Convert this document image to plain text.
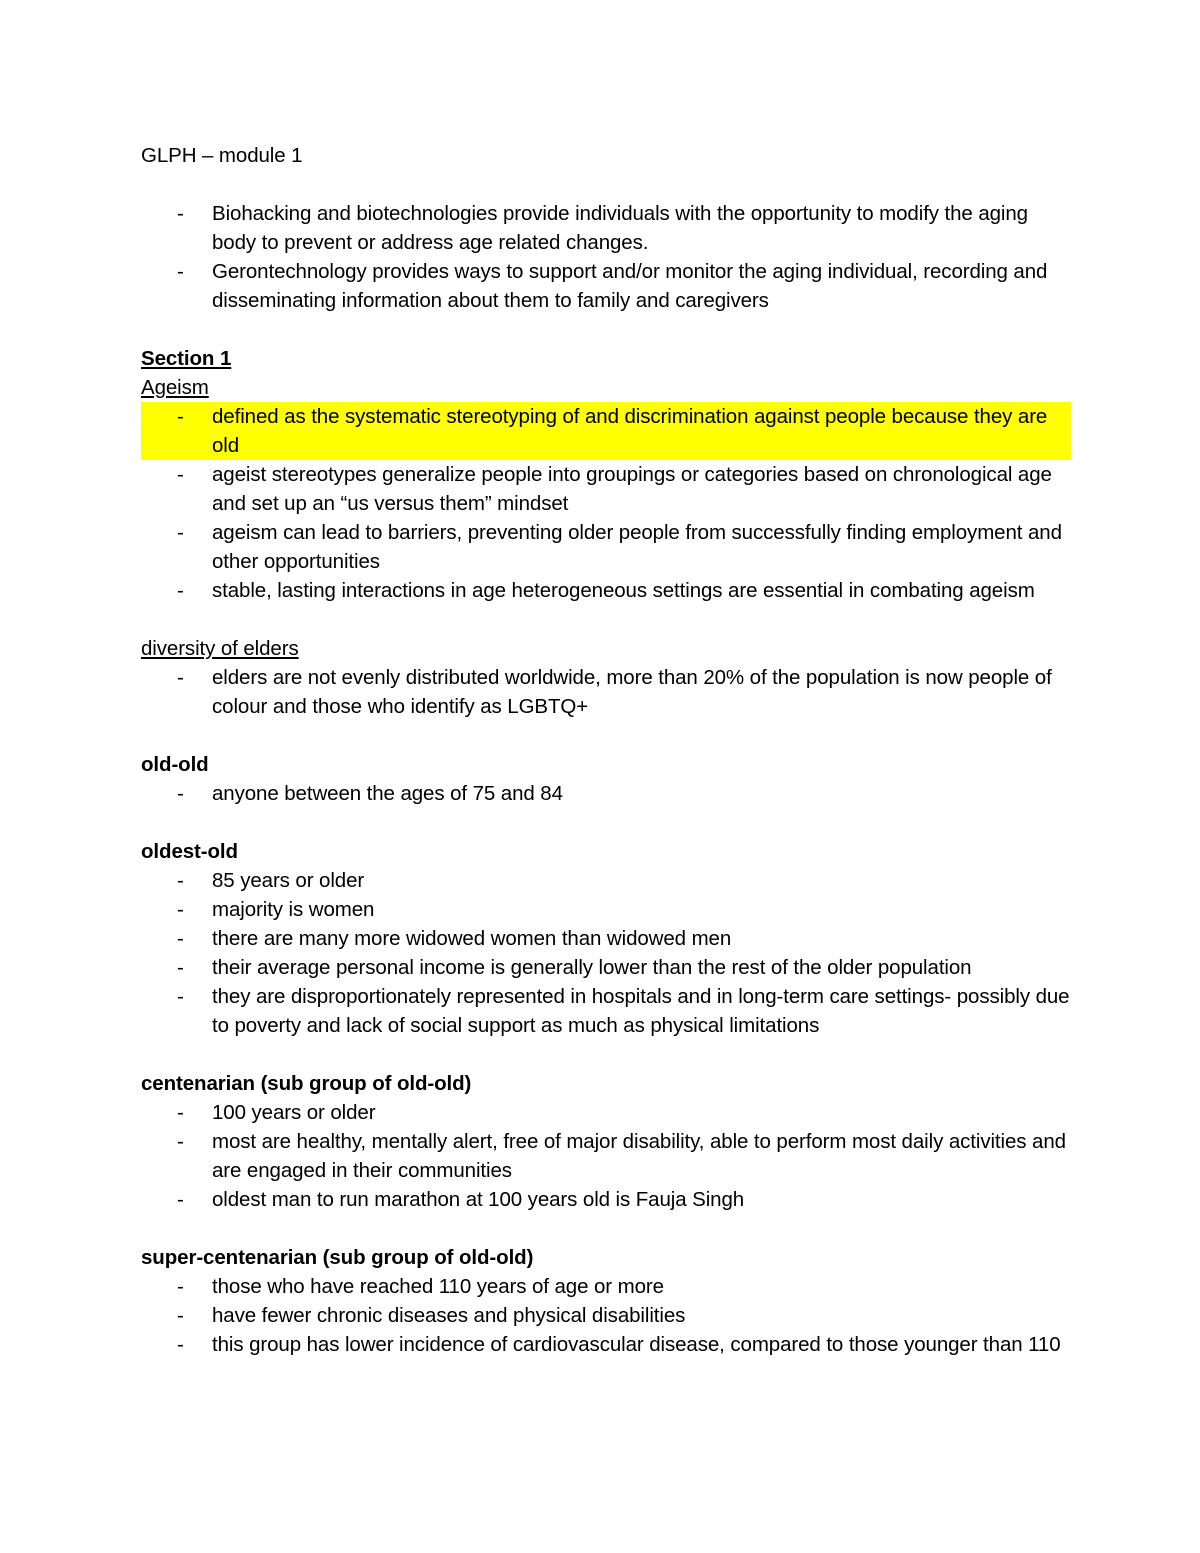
GLPH – module 1

- Biohacking and biotechnologies provide individuals with the opportunity to modify the aging body to prevent or address age related changes.
- Gerontechnology provides ways to support and/or monitor the aging individual, recording and disseminating information about them to family and caregivers

Section 1

Ageism

- defined as the systematic stereotyping of and discrimination against people because they are old
- ageist stereotypes generalize people into groupings or categories based on chronological age and set up an “us versus them” mindset
- ageism can lead to barriers, preventing older people from successfully finding employment and other opportunities
- stable, lasting interactions in age heterogeneous settings are essential in combating ageism

diversity of elders

- elders are not evenly distributed worldwide, more than 20% of the population is now people of colour and those who identify as LGBTQ+

old-old

- anyone between the ages of 75 and 84

oldest-old

- 85 years or older
- majority is women
- there are many more widowed women than widowed men
- their average personal income is generally lower than the rest of the older population
- they are disproportionately represented in hospitals and in long-term care settings- possibly due to poverty and lack of social support as much as physical limitations

centenarian (sub group of old-old)

- 100 years or older
- most are healthy, mentally alert, free of major disability, able to perform most daily activities and are engaged in their communities
- oldest man to run marathon at 100 years old is Fauja Singh

super-centenarian (sub group of old-old)

- those who have reached 110 years of age or more
- have fewer chronic diseases and physical disabilities
- this group has lower incidence of cardiovascular disease, compared to those younger than 110
